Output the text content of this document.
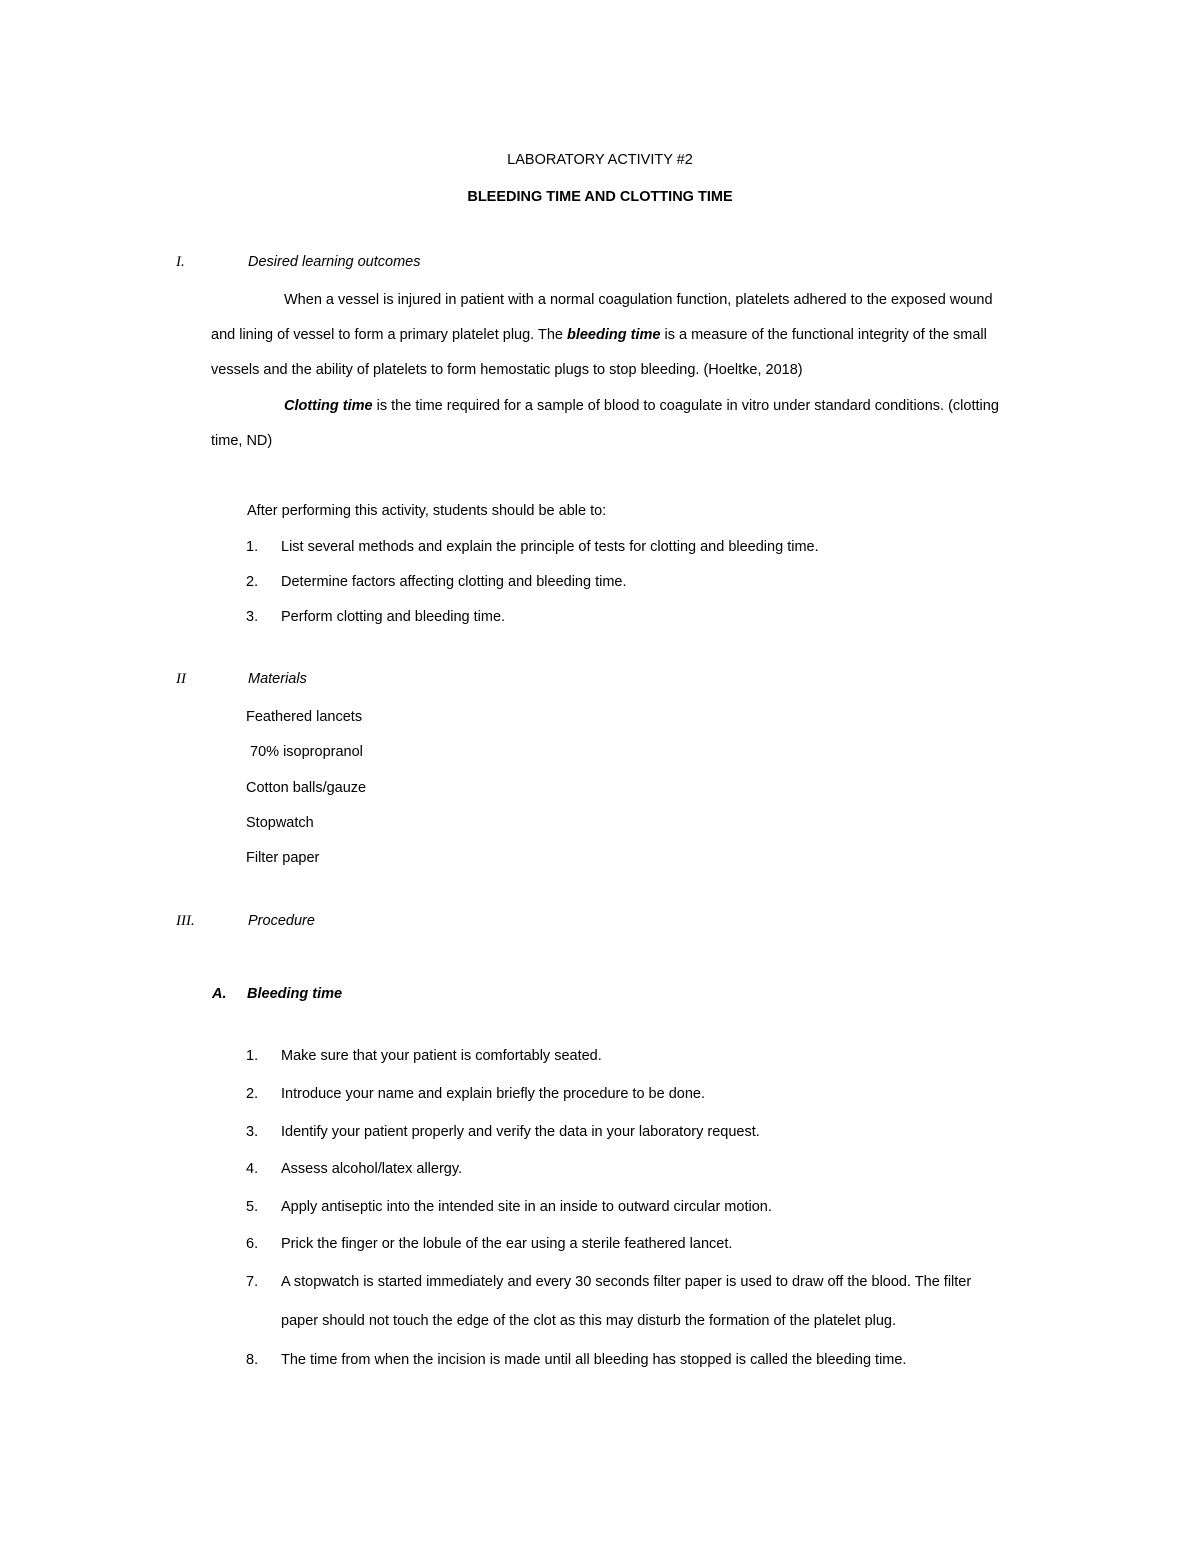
LABORATORY ACTIVITY #2
BLEEDING TIME AND CLOTTING TIME
I.	Desired learning outcomes
When a vessel is injured in patient with a normal coagulation function, platelets adhered to the exposed wound
and lining of vessel to form a primary platelet plug. The bleeding time is a measure of the functional integrity of the small
vessels and the ability of platelets to form hemostatic plugs to stop bleeding. (Hoeltke, 2018)
Clotting time is the time required for a sample of blood to coagulate in vitro under standard conditions. (clotting
time, ND)
After performing this activity, students should be able to:
1. List several methods and explain the principle of tests for clotting and bleeding time.
2. Determine factors affecting clotting and bleeding time.
3. Perform clotting and bleeding time.
II	Materials
Feathered lancets
70% isopropranol
Cotton balls/gauze
Stopwatch
Filter paper
III.	Procedure
A. Bleeding time
1. Make sure that your patient is comfortably seated.
2. Introduce your name and explain briefly the procedure to be done.
3. Identify your patient properly and verify the data in your laboratory request.
4. Assess alcohol/latex allergy.
5. Apply antiseptic into the intended site in an inside to outward circular motion.
6. Prick the finger or the lobule of the ear using a sterile feathered lancet.
7. A stopwatch is started immediately and every 30 seconds filter paper is used to draw off the blood. The filter
paper should not touch the edge of the clot as this may disturb the formation of the platelet plug.
8. The time from when the incision is made until all bleeding has stopped is called the bleeding time.
